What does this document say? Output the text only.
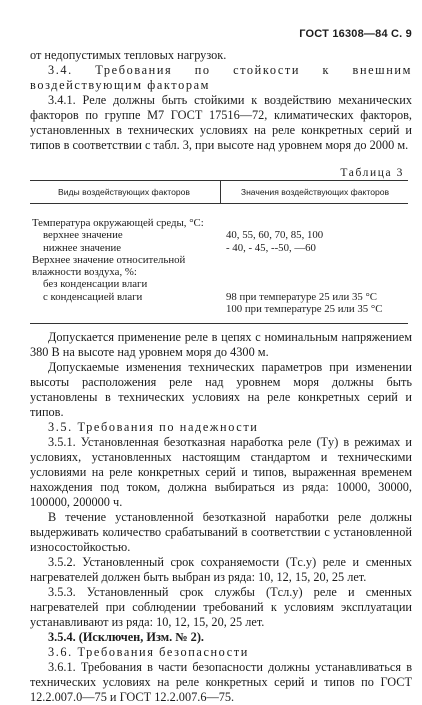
ГОСТ 16308—84 С. 9

от недопустимых тепловых нагрузок.

3.4. Требования по стойкости к внешним воздействующим факторам

3.4.1. Реле должны быть стойкими к воздействию механических факторов по группе М7 ГОСТ 17516—72, климатических факторов, установленных в технических условиях на реле конкретных серий и типов в соответствии с табл. 3, при высоте над уровнем моря до 2000 м.

Таблица 3
Виды воздействующих факторов	Значения воздействующих факторов
Температура окружающей среды, °С:
верхнее значение
нижнее значение
Верхнее значение относительной влажности воздуха, %:
без конденсации влаги
с конденсацией влаги
40, 55, 60, 70, 85, 100
- 40, - 45, --50, —60
98 при температуре 25 или 35 °С
100 при температуре 25 или 35 °С

Допускается применение реле в цепях с номинальным напряжением 380 В на высоте над уровнем моря до 4300 м.

Допускаемые изменения технических параметров при изменении высоты расположения реле над уровнем моря должны быть установлены в технических условиях на реле конкретных серий и типов.

3.5. Требования по надежности

3.5.1. Установленная безотказная наработка реле (Tу) в режимах и условиях, установленных настоящим стандартом и техническими условиями на реле конкретных серий и типов, выраженная временем нахождения под током, должна выбираться из ряда: 10000, 30000, 100000, 200000 ч.

В течение установленной безотказной наработки реле должны выдерживать количество срабатываний в соответствии с установленной износостойкостью.

3.5.2. Установленный срок сохраняемости (Tс.у) реле и сменных нагревателей должен быть выбран из ряда: 10, 12, 15, 20, 25 лет.

3.5.3. Установленный срок службы (Tсл.у) реле и сменных нагревателей при соблюдении требований к условиям эксплуатации устанавливают из ряда: 10, 12, 15, 20, 25 лет.

3.5.4. (Исключен, Изм. № 2).

3.6. Требования безопасности

3.6.1. Требования в части безопасности должны устанавливаться в технических условиях на реле конкретных серий и типов по ГОСТ 12.2.007.0—75 и ГОСТ 12.2.007.6—75.
